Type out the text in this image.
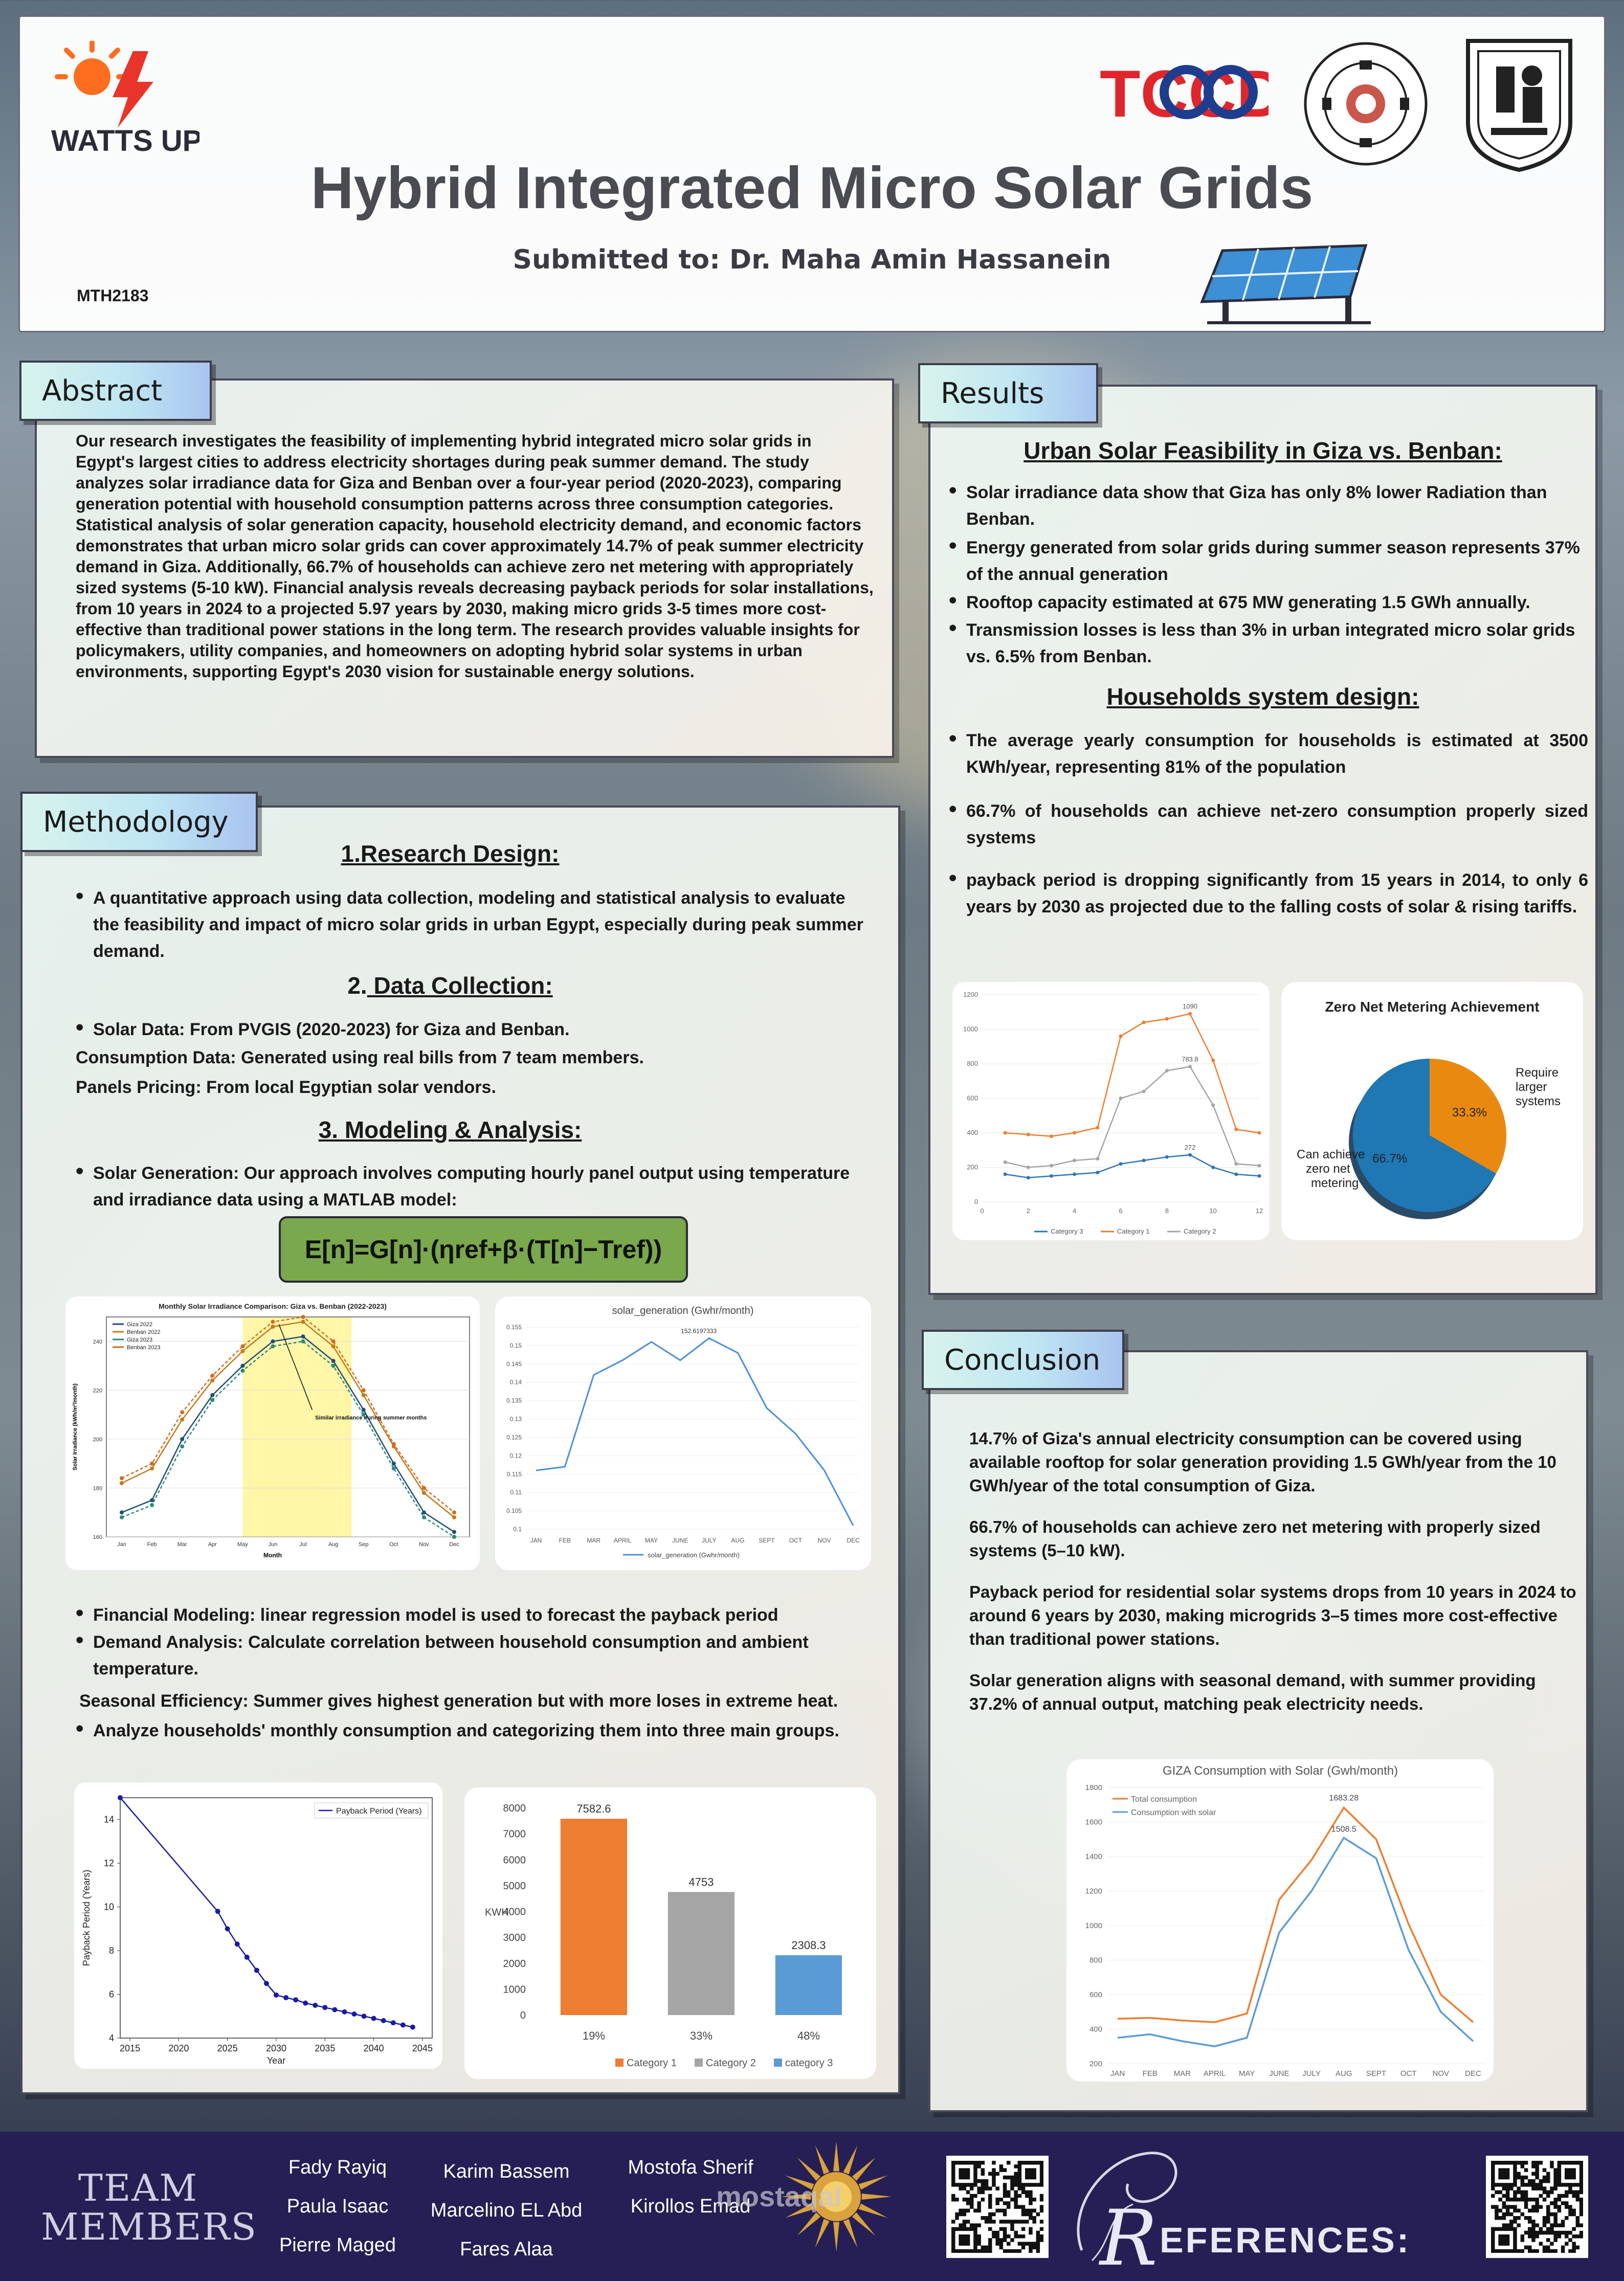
WATTS UP
TCCD
Hybrid Integrated Micro Solar Grids
Submitted to: Dr. Maha Amin Hassanein
MTH2183
Abstract
Our research investigates the feasibility of implementing hybrid integrated micro solar grids in Egypt's largest cities to address electricity shortages during peak summer demand. The study analyzes solar irradiance data for Giza and Benban over a four-year period (2020-2023), comparing generation potential with household consumption patterns across three consumption categories. Statistical analysis of solar generation capacity, household electricity demand, and economic factors demonstrates that urban micro solar grids can cover approximately 14.7% of peak summer electricity demand in Giza. Additionally, 66.7% of households can achieve zero net metering with appropriately sized systems (5-10 kW). Financial analysis reveals decreasing payback periods for solar installations, from 10 years in 2024 to a projected 5.97 years by 2030, making micro grids 3-5 times more cost-effective than traditional power stations in the long term. The research provides valuable insights for policymakers, utility companies, and homeowners on adopting hybrid solar systems in urban environments, supporting Egypt's 2030 vision for sustainable energy solutions.
Methodology
1.Research Design:
• A quantitative approach using data collection, modeling and statistical analysis to evaluate the feasibility and impact of micro solar grids in urban Egypt, especially during peak summer demand.
2. Data Collection:
• Solar Data: From PVGIS (2020-2023) for Giza and Benban.
Consumption Data: Generated using real bills from 7 team members.
Panels Pricing: From local Egyptian solar vendors.
3. Modeling & Analysis:
• Solar Generation: Our approach involves computing hourly panel output using temperature and irradiance data using a MATLAB model:
E[n]=G[n]·(ηref+β·(T[n]−Tref))
Monthly Solar Irradiance Comparison: Giza vs. Benban (2022-2023)
160
180
200
220
240
Jan	Feb	Mar	Apr	May	Jun	Jul	Aug	Sep	Oct	Nov	Dec
Month
Solar Irradiance (kWh/m²/month)
Giza 2022
Benban 2022
Giza 2023
Benban 2023
Similar irradiance during summer months
solar_generation (Gwhr/month)
0.1
0.105
0.11
0.115
0.12
0.125
0.13
0.135
0.14
0.145
0.15
0.155
JAN	FEB	MAR APRIL MAY JUNE JULY AUG SEPT OCT	NOV	DEC
152.6197333
solar_generation (Gwhr/month)
• Financial Modeling: linear regression model is used to forecast the payback period
• Demand Analysis: Calculate correlation between household consumption and ambient temperature.
Seasonal Efficiency: Summer gives highest generation but with more loses in extreme heat.
• Analyze households' monthly consumption and categorizing them into three main groups.
4
6
8
10
12
14
2015	2020	2025	2030	2035	2040	2045
Year
Payback Period (Years)
Payback Period (Years)
0
1000
2000
3000
4000
5000
6000
7000
8000
KWH
7582.6
19%
4753
33%
2308.3
48%
Category 1	Category 2	category 3
Results
Urban Solar Feasibility in Giza vs. Benban:
• Solar irradiance data show that Giza has only 8% lower Radiation than Benban.
• Energy generated from solar grids during summer season represents 37% of the annual generation
• Rooftop capacity estimated at 675 MW generating 1.5 GWh annually.
• Transmission losses is less than 3% in urban integrated micro solar grids vs. 6.5% from Benban.
Households system design:
• The average yearly consumption for households is estimated at 3500 KWh/year, representing 81% of the population
• 66.7% of households can achieve net-zero consumption properly sized systems
• payback period is dropping significantly from 15 years in 2014, to only 6 years by 2030 as projected due to the falling costs of solar & rising tariffs.
0
200
400
600
800
1000
1200
0	2	4	6	8	10	12
Category 3	Category 1	Category 2
1090
783.8
272
Zero Net Metering Achievement
33.3%
66.7%
Require
larger
systems
Can achieve
zero net
metering
Conclusion
14.7% of Giza's annual electricity consumption can be covered using available rooftop for solar generation providing 1.5 GWh/year from the 10 GWh/year of the total consumption of Giza.
66.7% of households can achieve zero net metering with properly sized systems (5–10 kW).
Payback period for residential solar systems drops from 10 years in 2024 to around 6 years by 2030, making microgrids 3–5 times more cost-effective than traditional power stations.
Solar generation aligns with seasonal demand, with summer providing 37.2% of annual output, matching peak electricity needs.
GIZA Consumption with Solar (Gwh/month)
200
400
600
800
1000
1200
1400
1600
1800
JAN FEB MAR APRIL MAY JUNE JULY AUG SEPT OCT NOV DEC
Total consumption
Consumption with solar
1683.28
1508.5
TEAM
MEMBERS
Fady Rayiq
Paula Isaac
Pierre Maged
Karim Bassem
Marcelino EL Abd
Fares Alaa
Mostofa Sherif
Kirollos Emad
mostaqal	REFERENCES:
